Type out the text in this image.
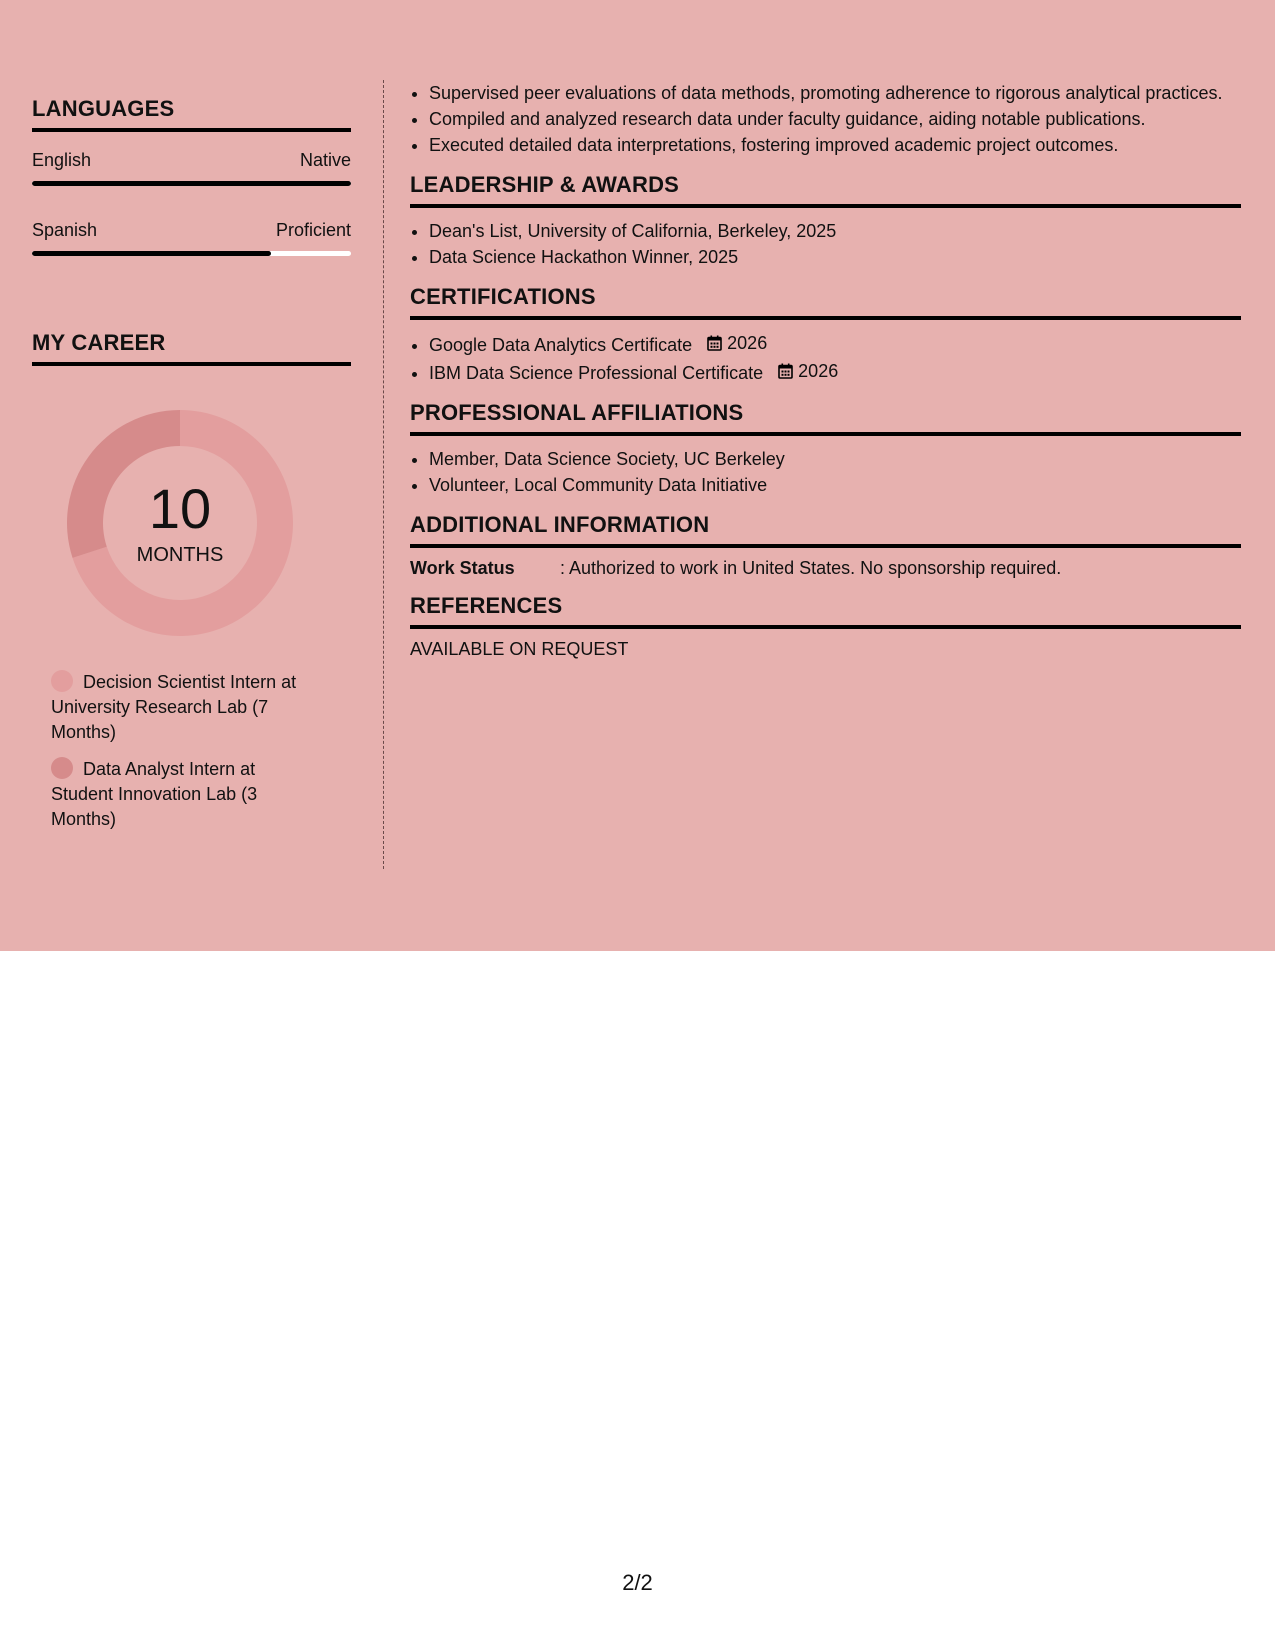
LANGUAGES
English	Native
Spanish	Proficient
MY CAREER
10
MONTHS
Decision Scientist Intern at University Research Lab (7 Months)
Data Analyst Intern at Student Innovation Lab (3 Months)
• Supervised peer evaluations of data methods, promoting adherence to rigorous analytical practices.
• Compiled and analyzed research data under faculty guidance, aiding notable publications.
• Executed detailed data interpretations, fostering improved academic project outcomes.
LEADERSHIP & AWARDS
• Dean's List, University of California, Berkeley, 2025
• Data Science Hackathon Winner, 2025
CERTIFICATIONS
• Google Data Analytics Certificate 2026
• IBM Data Science Professional Certificate 2026
PROFESSIONAL AFFILIATIONS
• Member, Data Science Society, UC Berkeley
• Volunteer, Local Community Data Initiative
ADDITIONAL INFORMATION
Work Status	: Authorized to work in United States. No sponsorship required.
REFERENCES
AVAILABLE ON REQUEST
2/2
